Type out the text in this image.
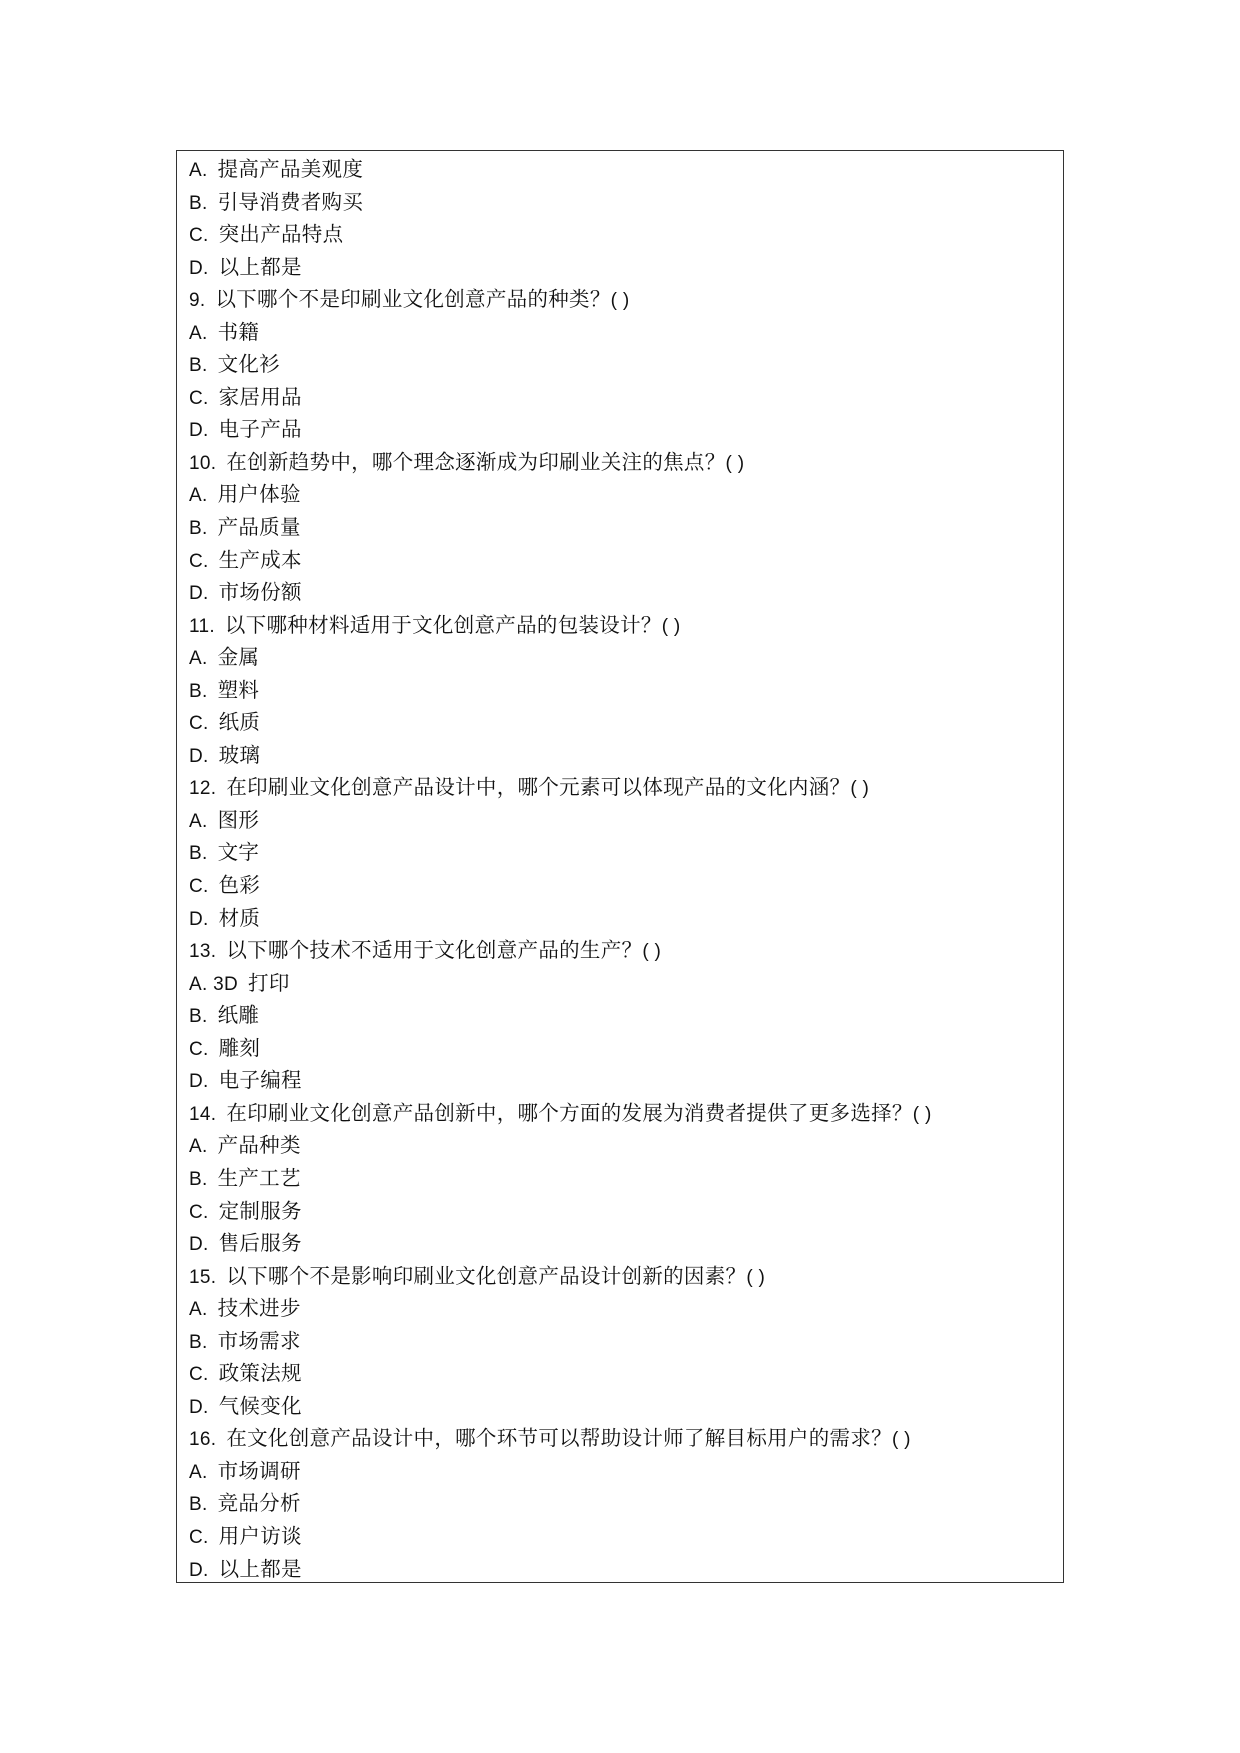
A. 提高产品美观度
B. 引导消费者购买
C. 突出产品特点
D. 以上都是
9. 以下哪个不是印刷业文化创意产品的种类？( )
A. 书籍
B. 文化衫
C. 家居用品
D. 电子产品
10. 在创新趋势中，哪个理念逐渐成为印刷业关注的焦点？( )
A. 用户体验
B. 产品质量
C. 生产成本
D. 市场份额
11. 以下哪种材料适用于文化创意产品的包装设计？( )
A. 金属
B. 塑料
C. 纸质
D. 玻璃
12. 在印刷业文化创意产品设计中，哪个元素可以体现产品的文化内涵？( )
A. 图形
B. 文字
C. 色彩
D. 材质
13. 以下哪个技术不适用于文化创意产品的生产？( )
A. 3D 打印
B. 纸雕
C. 雕刻
D. 电子编程
14. 在印刷业文化创意产品创新中，哪个方面的发展为消费者提供了更多选择？( )
A. 产品种类
B. 生产工艺
C. 定制服务
D. 售后服务
15. 以下哪个不是影响印刷业文化创意产品设计创新的因素？( )
A. 技术进步
B. 市场需求
C. 政策法规
D. 气候变化
16. 在文化创意产品设计中，哪个环节可以帮助设计师了解目标用户的需求？( )
A. 市场调研
B. 竞品分析
C. 用户访谈
D. 以上都是
